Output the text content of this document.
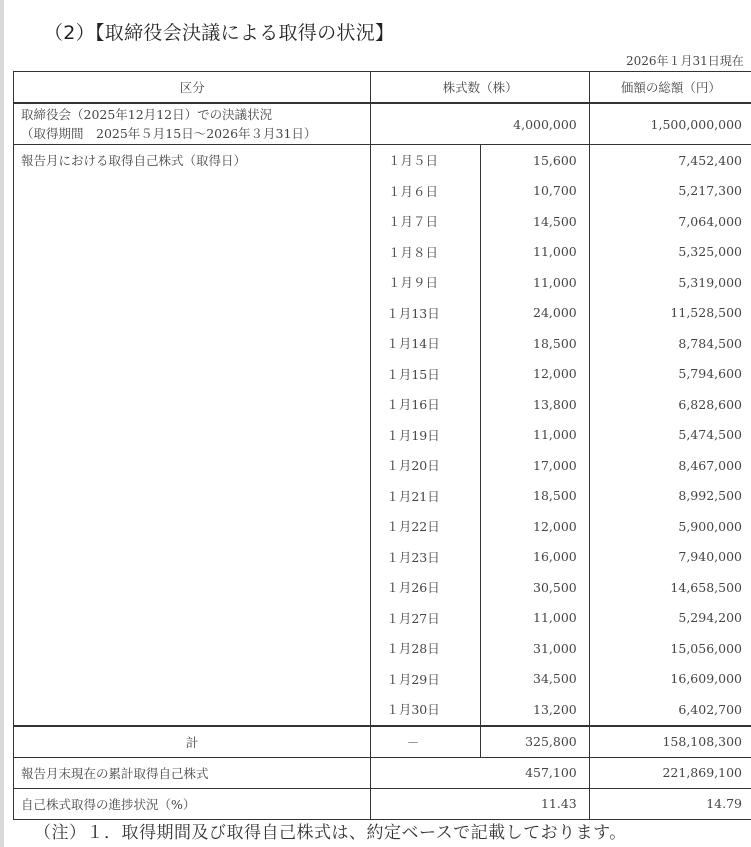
（2）【取締役会決議による取得の状況】
2026年１月31日現在
区分	株式数（株）		価額の総額（円）

取締役会（2025年12月12日）での決議状況
（取得期間　2025年５月15日～2026年３月31日）	4,000,000		1,500,000,000
報告月における取得自己株式（取得日）	１月５日	15,600	7,452,400
	１月６日	10,700	5,217,300
	１月７日	14,500	7,064,000
	１月８日	11,000	5,325,000
	１月９日	11,000	5,319,000
	１月13日	24,000	11,528,500
	１月14日	18,500	8,784,500
	１月15日	12,000	5,794,600
	１月16日	13,800	6,828,600
	１月19日	11,000	5,474,500
	１月20日	17,000	8,467,000
	１月21日	18,500	8,992,500
	１月22日	12,000	5,900,000
	１月23日	16,000	7,940,000
	１月26日	30,500	14,658,500
	１月27日	11,000	5,294,200
	１月28日	31,000	15,056,000
	１月29日	34,500	16,609,000
	１月30日	13,200	6,402,700
計	－	325,800	158,108,300
報告月末現在の累計取得自己株式	457,100		221,869,100
自己株式取得の進捗状況（%）	11.43		14.79
（注）１．取得期間及び取得自己株式は、約定ベースで記載しております。
